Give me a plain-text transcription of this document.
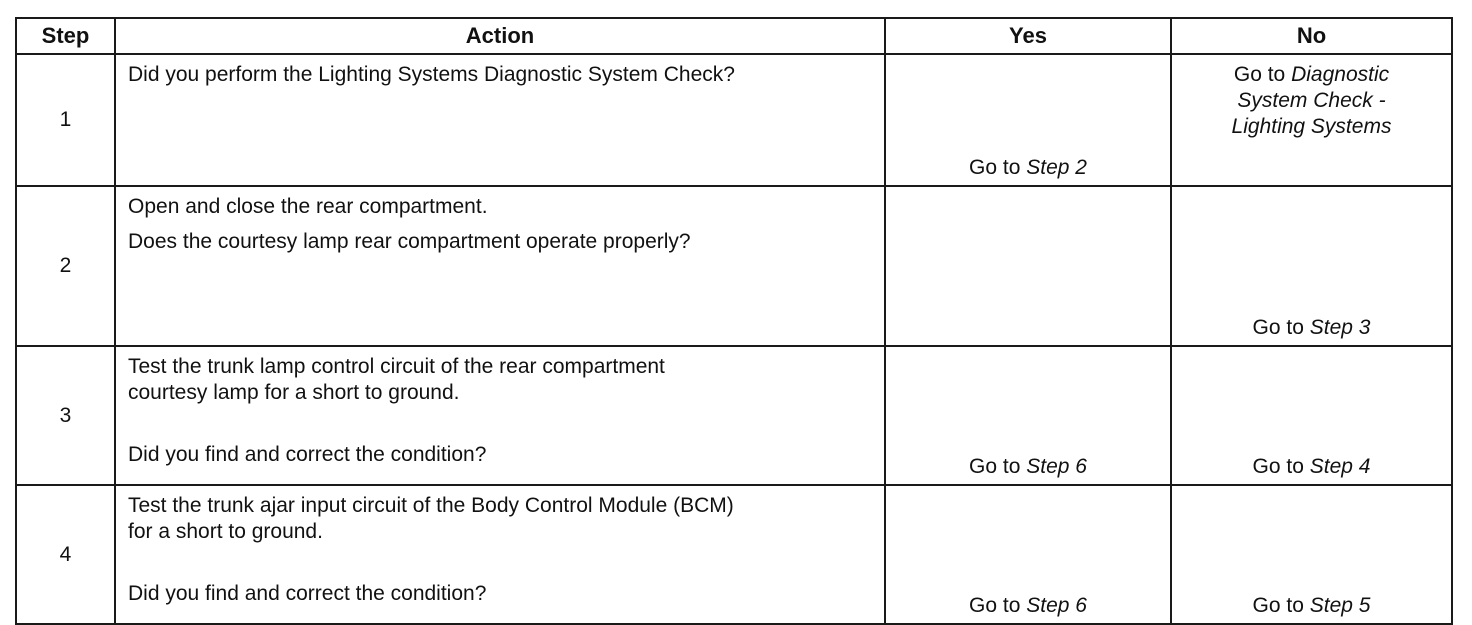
Step	Action	Yes	No
1	Did you perform the Lighting Systems Diagnostic System Check?	Go to Step 2	Go to Diagnostic
System Check -
Lighting Systems

2	Open and close the rear compartment.

Does the courtesy lamp rear compartment operate properly?		Go to Step 3
3	Test the trunk lamp control circuit of the rear compartment

courtesy lamp for a short to ground.

Did you find and correct the condition?	Go to Step 6	Go to Step 4
4	Test the trunk ajar input circuit of the Body Control Module (BCM)

for a short to ground.

Did you find and correct the condition?	Go to Step 6	Go to Step 5
